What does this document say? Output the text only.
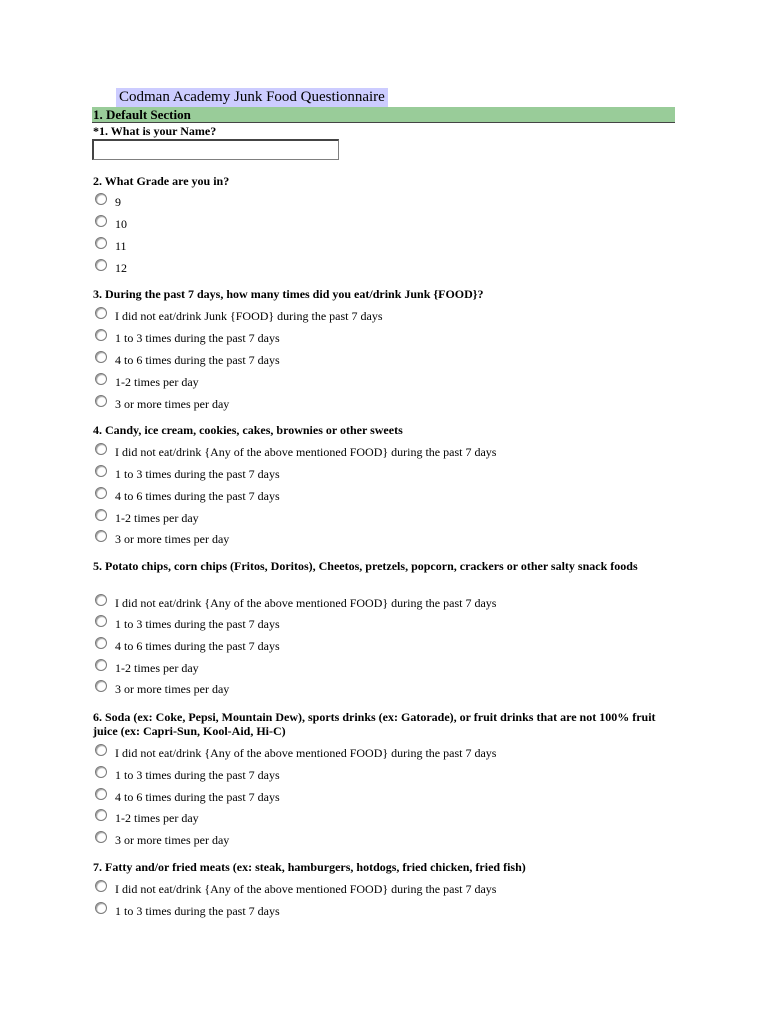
Codman Academy Junk Food Questionnaire
1. Default Section
*1. What is your Name?
2. What Grade are you in?
9
10
11
12
3. During the past 7 days, how many times did you eat/drink Junk {FOOD}?
I did not eat/drink Junk {FOOD} during the past 7 days
1 to 3 times during the past 7 days
4 to 6 times during the past 7 days
1-2 times per day
3 or more times per day
4. Candy, ice cream, cookies, cakes, brownies or other sweets
I did not eat/drink {Any of the above mentioned FOOD} during the past 7 days
1 to 3 times during the past 7 days
4 to 6 times during the past 7 days
1-2 times per day
3 or more times per day
5. Potato chips, corn chips (Fritos, Doritos), Cheetos, pretzels, popcorn, crackers or other salty snack foods
I did not eat/drink {Any of the above mentioned FOOD} during the past 7 days
1 to 3 times during the past 7 days
4 to 6 times during the past 7 days
1-2 times per day
3 or more times per day
6. Soda (ex: Coke, Pepsi, Mountain Dew), sports drinks (ex: Gatorade), or fruit drinks that are not 100% fruit juice (ex: Capri-Sun, Kool-Aid, Hi-C)
I did not eat/drink {Any of the above mentioned FOOD} during the past 7 days
1 to 3 times during the past 7 days
4 to 6 times during the past 7 days
1-2 times per day
3 or more times per day
7. Fatty and/or fried meats (ex: steak, hamburgers, hotdogs, fried chicken, fried fish)
I did not eat/drink {Any of the above mentioned FOOD} during the past 7 days
1 to 3 times during the past 7 days
